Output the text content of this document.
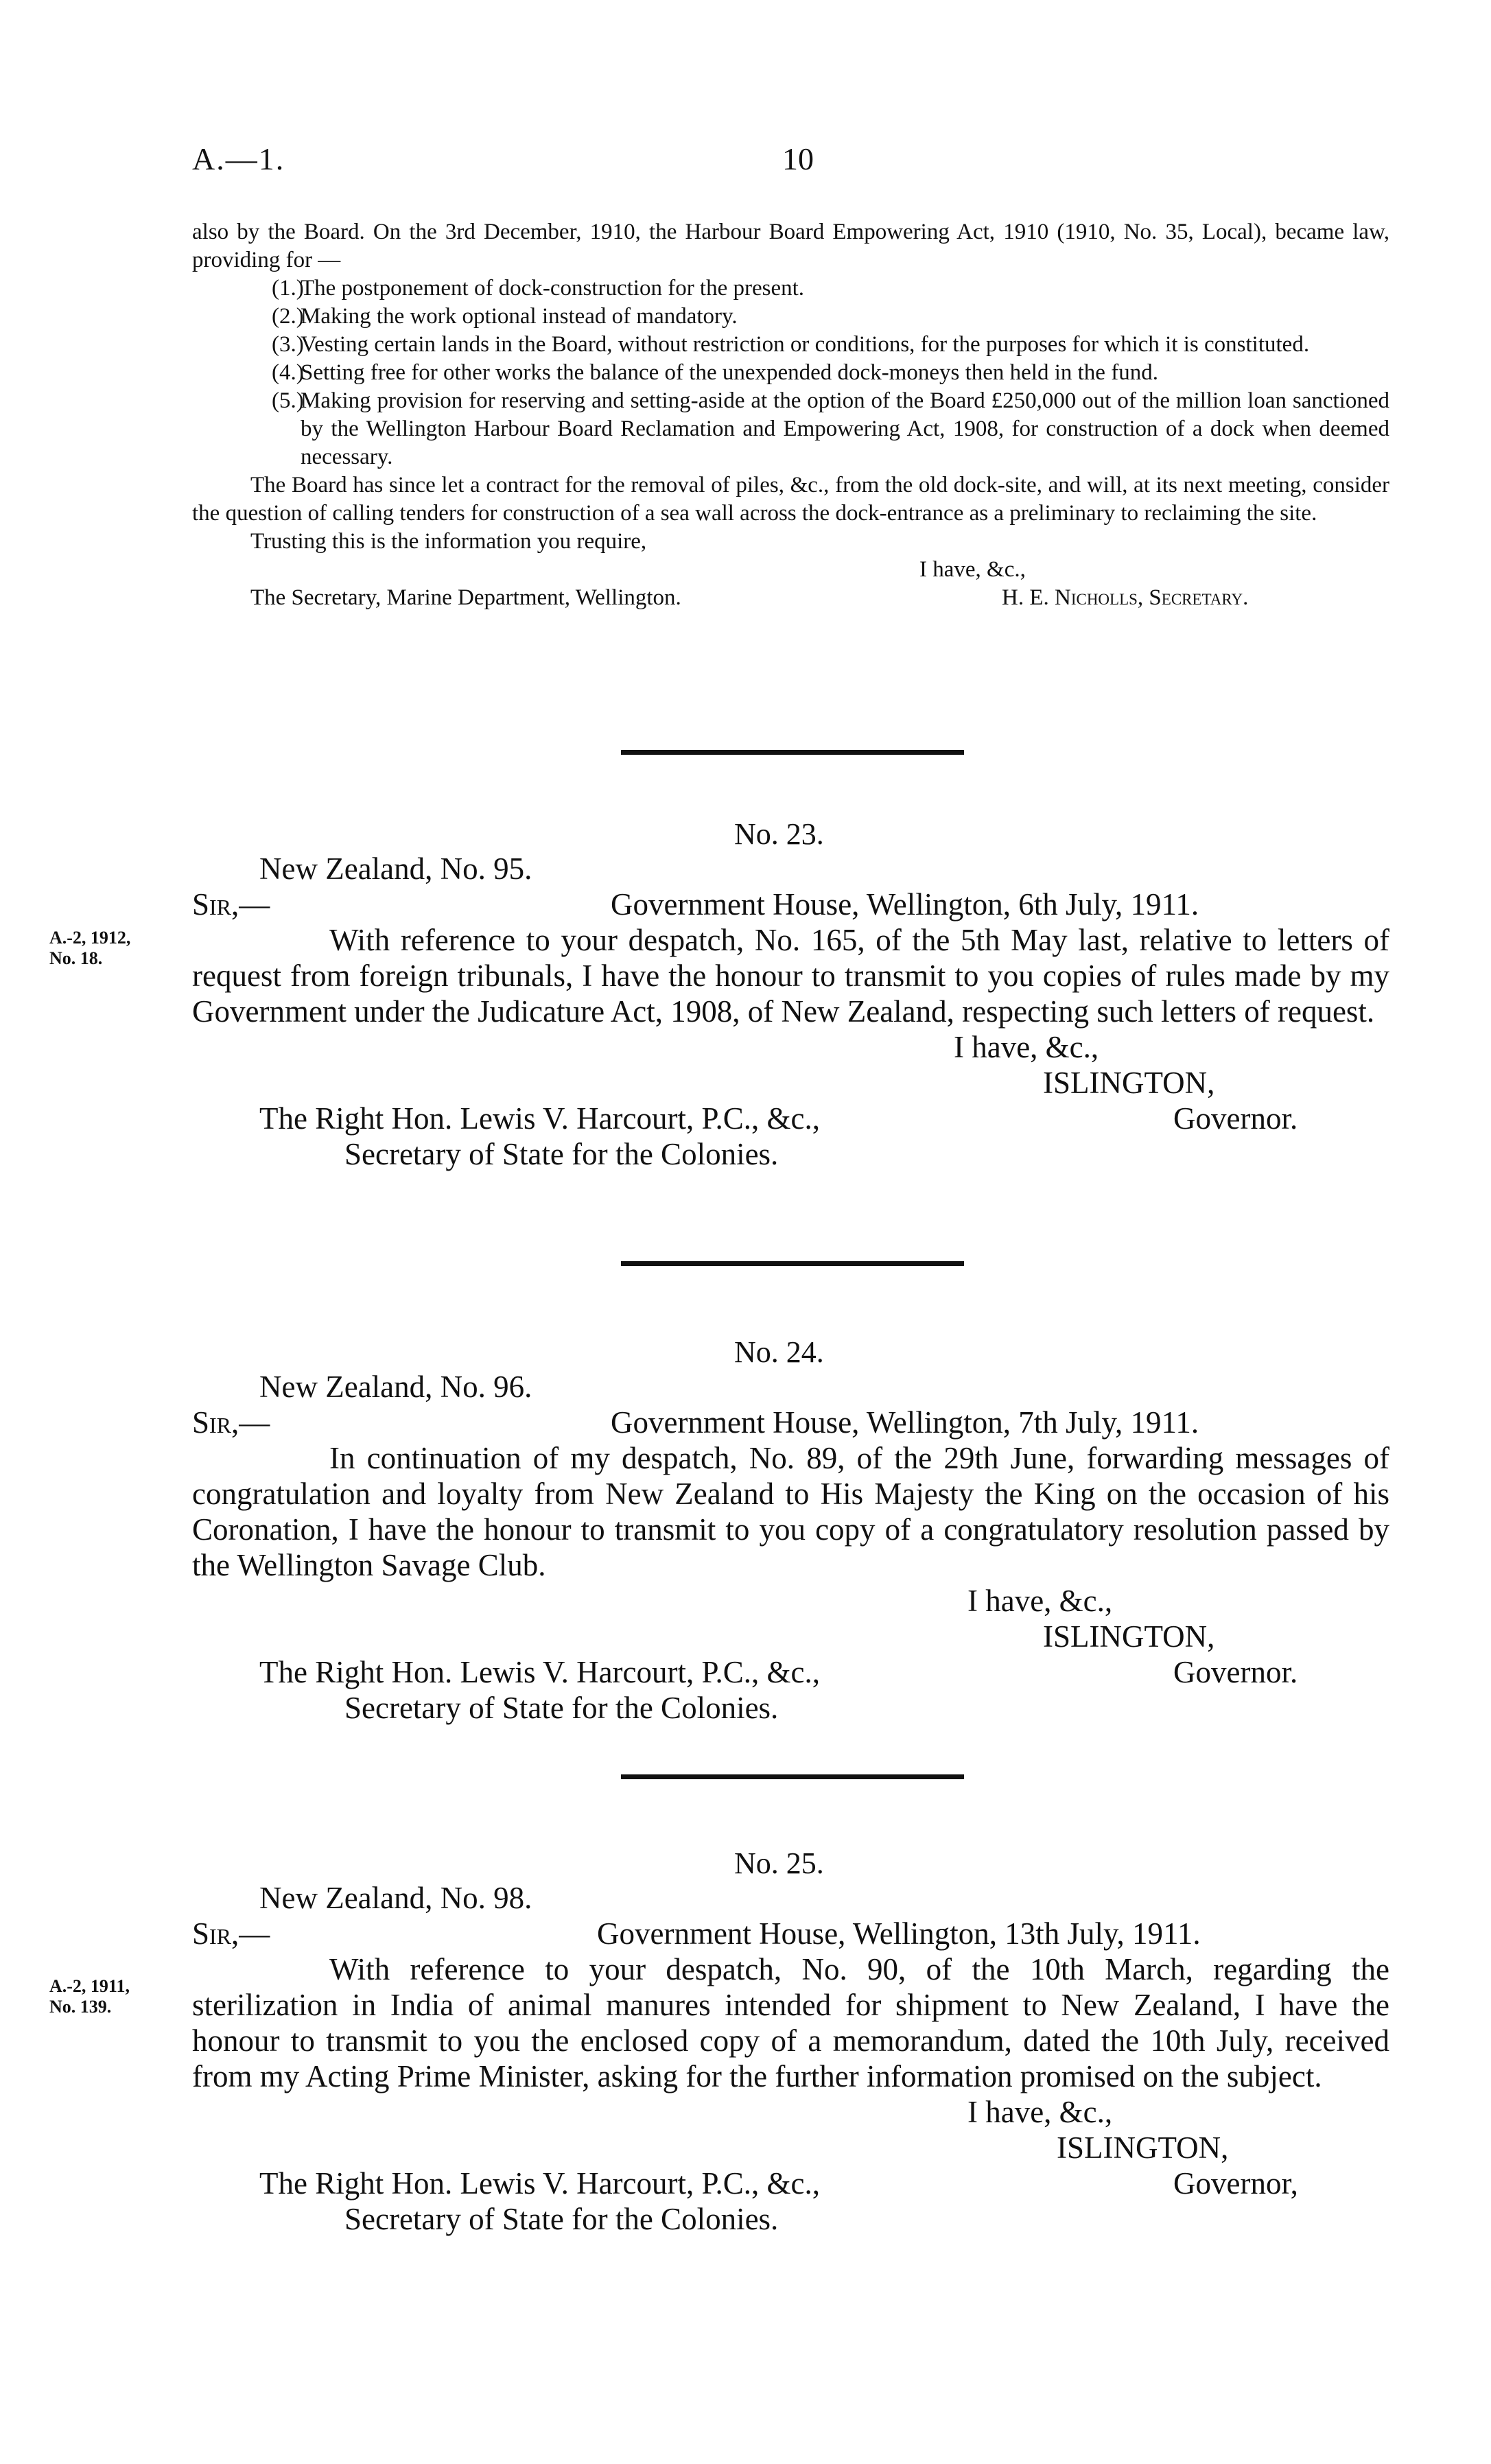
A.—1.	10

also by the Board. On the 3rd December, 1910, the Harbour Board Empowering Act, 1910 (1910, No. 35, Local), became law, providing for —

(1.)The postponement of dock-construction for the present.

(2.)Making the work optional instead of mandatory.

(3.)Vesting certain lands in the Board, without restriction or conditions, for the purposes for which it is constituted.

(4.)Setting free for other works the balance of the unexpended dock-moneys then held in the fund.

(5.)Making provision for reserving and setting-aside at the option of the Board £250,000 out of the million loan sanctioned by the Wellington Harbour Board Reclamation and Empowering Act, 1908, for construction of a dock when deemed necessary.

The Board has since let a contract for the removal of piles, &c., from the old dock-site, and will, at its next meeting, consider the question of calling tenders for construction of a sea wall across the dock-entrance as a preliminary to reclaiming the site.

Trusting this is the information you require,

I have, &c.,
The Secretary, Marine Department, Wellington.	H. E. Nicholls, Secretary.
No. 23.
A.-2, 1912,
No. 18.
New Zealand, No. 95.
Sir,—	Government House, Wellington, 6th July, 1911.

With reference to your despatch, No. 165, of the 5th May last, relative to letters of request from foreign tribunals, I have the honour to transmit to you copies of rules made by my Government under the Judicature Act, 1908, of New Zealand, respecting such letters of request.

I have, &c.,
ISLINGTON,
The Right Hon. Lewis V. Harcourt, P.C., &c.,	Governor.
Secretary of State for the Colonies.
No. 24.
New Zealand, No. 96.
Sir,—	Government House, Wellington, 7th July, 1911.

In continuation of my despatch, No. 89, of the 29th June, forwarding messages of congratulation and loyalty from New Zealand to His Majesty the King on the occasion of his Coronation, I have the honour to transmit to you copy of a congratulatory resolution passed by the Wellington Savage Club.

I have, &c.,
ISLINGTON,
The Right Hon. Lewis V. Harcourt, P.C., &c.,	Governor.
Secretary of State for the Colonies.
No. 25.
A.-2, 1911,
No. 139.
New Zealand, No. 98.
Sir,—	Government House, Wellington, 13th July, 1911.

With reference to your despatch, No. 90, of the 10th March, regarding the sterilization in India of animal manures intended for shipment to New Zealand, I have the honour to transmit to you the enclosed copy of a memorandum, dated the 10th July, received from my Acting Prime Minister, asking for the further information promised on the subject.

I have, &c.,
ISLINGTON,
The Right Hon. Lewis V. Harcourt, P.C., &c.,	Governor,
Secretary of State for the Colonies.
